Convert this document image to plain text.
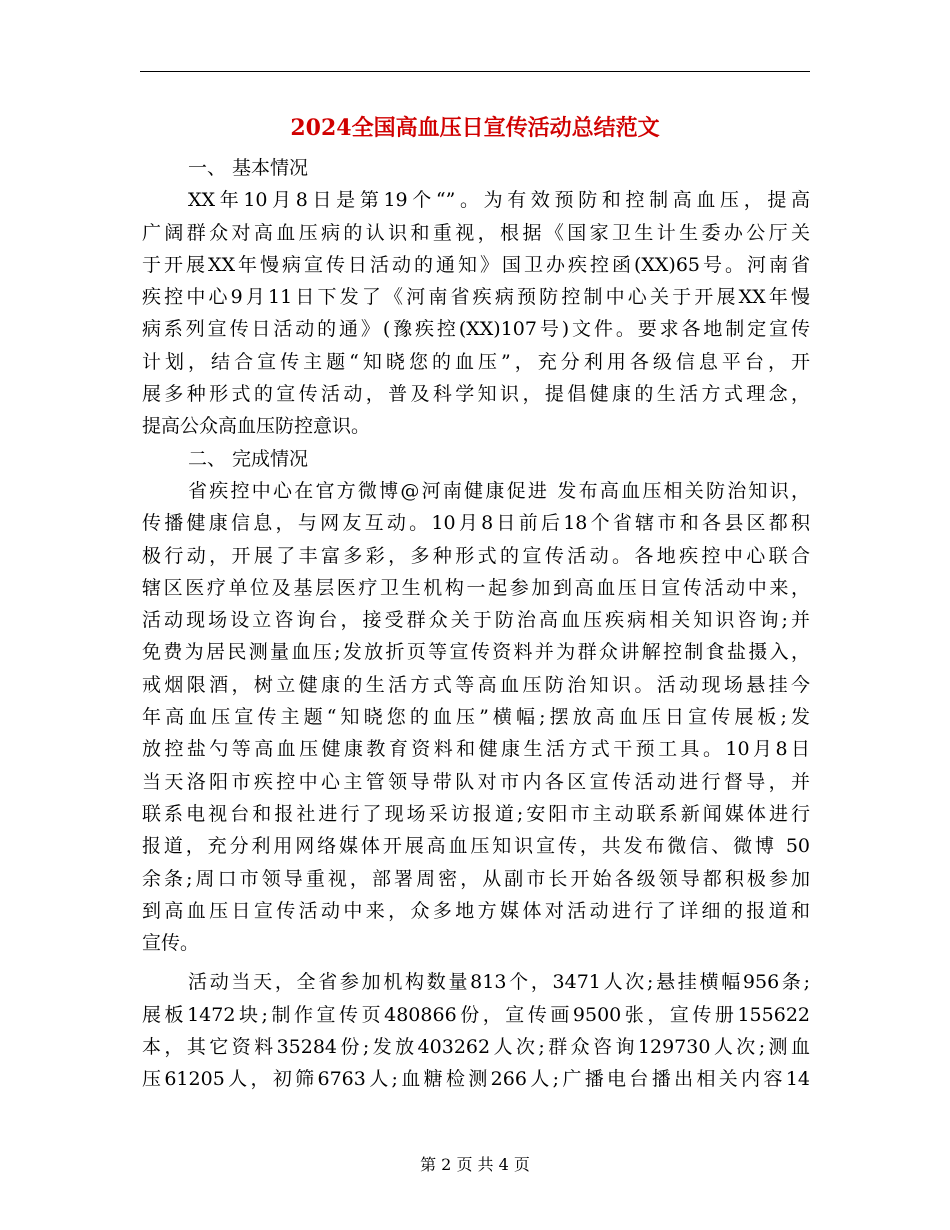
2024全国高血压日宣传活动总结范文
一、 基本情况
XX年10月8日是第19个“”。为有效预防和控制高血压，提高
广阔群众对高血压病的认识和重视，根据《国家卫生计生委办公厅关
于开展XX年慢病宣传日活动的通知》国卫办疾控函(XX)65号。河南省
疾控中心9月11日下发了《河南省疾病预防控制中心关于开展XX年慢
病系列宣传日活动的通》(豫疾控(XX)107号)文件。要求各地制定宣传
计划，结合宣传主题“知晓您的血压”，充分利用各级信息平台，开
展多种形式的宣传活动，普及科学知识，提倡健康的生活方式理念，
提高公众高血压防控意识。
二、 完成情况
省疾控中心在官方微博@河南健康促进 发布高血压相关防治知识，
传播健康信息，与网友互动。10月8日前后18个省辖市和各县区都积
极行动，开展了丰富多彩，多种形式的宣传活动。各地疾控中心联合
辖区医疗单位及基层医疗卫生机构一起参加到高血压日宣传活动中来，
活动现场设立咨询台，接受群众关于防治高血压疾病相关知识咨询;并
免费为居民测量血压;发放折页等宣传资料并为群众讲解控制食盐摄入，
戒烟限酒，树立健康的生活方式等高血压防治知识。活动现场悬挂今
年高血压宣传主题“知晓您的血压”横幅;摆放高血压日宣传展板;发
放控盐勺等高血压健康教育资料和健康生活方式干预工具。10月8日
当天洛阳市疾控中心主管领导带队对市内各区宣传活动进行督导，并
联系电视台和报社进行了现场采访报道;安阳市主动联系新闻媒体进行
报道，充分利用网络媒体开展高血压知识宣传，共发布微信、微博 50
余条;周口市领导重视，部署周密，从副市长开始各级领导都积极参加
到高血压日宣传活动中来，众多地方媒体对活动进行了详细的报道和
宣传。
活动当天，全省参加机构数量813个，3471人次;悬挂横幅956条;
展板1472块;制作宣传页480866份，宣传画9500张，宣传册155622
本，其它资料35284份;发放403262人次;群众咨询129730人次;测血
压61205人，初筛6763人;血糖检测266人;广播电台播出相关内容14
第 2 页 共 4 页
